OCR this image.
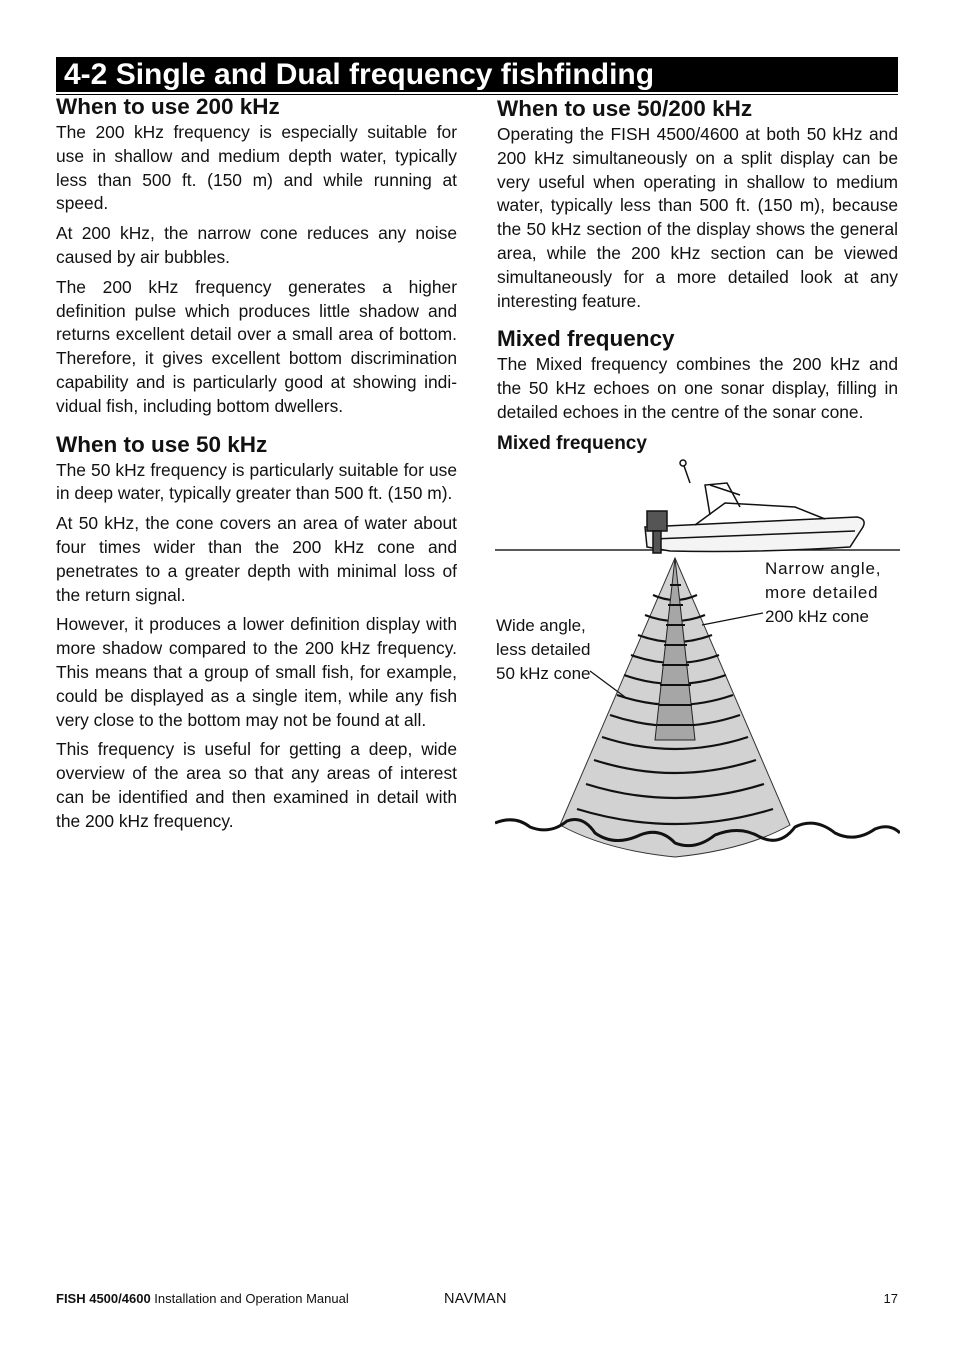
4-2 Single and Dual frequency fishfinding
When to use 200 kHz

The 200 kHz frequency is especially suitable for use in shallow and medium depth water, typically less than 500 ft. (150 m) and while running at speed.

At 200 kHz, the narrow cone reduces any noise caused by air bubbles.

The 200 kHz frequency generates a higher definition pulse which produces little shadow and returns excellent detail over a small area of bottom. Therefore, it gives excellent bottom discrimination capability and is particularly good at showing indi-vidual fish, including bottom dwellers.

When to use 50 kHz

The 50 kHz frequency is particularly suitable for use in deep water, typically greater than 500 ft. (150 m).

At 50 kHz, the cone covers an area of water about four times wider than the 200 kHz cone and penetrates to a greater depth with minimal loss of the return signal.

However, it produces a lower definition display with more shadow compared to the 200 kHz frequency. This means that a group of small fish, for example, could be displayed as a single item, while any fish very close to the bottom may not be found at all.

This frequency is useful for getting a deep, wide overview of the area so that any areas of interest can be identified and then examined in detail with the 200 kHz frequency.

When to use 50/200 kHz

Operating the FISH 4500/4600 at both 50 kHz and 200 kHz simultaneously on a split display can be very useful when operating in shallow to medium water, typically less than 500 ft. (150 m), because the 50 kHz section of the display shows the general area, while the 200 kHz section can be viewed simultaneously for a more detailed look at any interesting feature.

Mixed frequency

The Mixed frequency combines the 200 kHz and the 50 kHz echoes on one sonar display, filling in detailed echoes in the centre of the sonar cone.

Mixed frequency

Narrow angle,
more detailed
200 kHz cone
Wide angle,
less detailed
50 kHz cone
FISH 4500/4600 Installation and Operation Manual	NAVMAN	17
